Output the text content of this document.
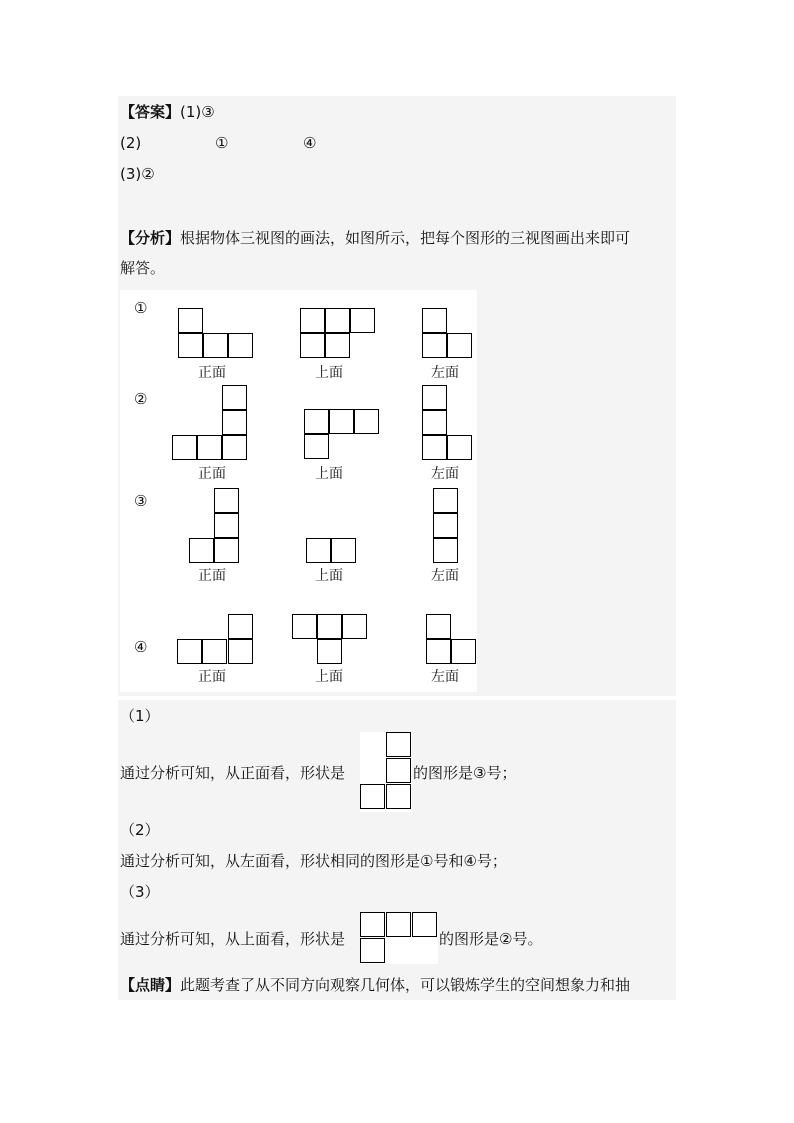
【答案】(1)③
(2)	①	④
(3)②
【分析】根据物体三视图的画法，如图所示，把每个图形的三视图画出来即可
解答。
①
正面	上面	左面
②
正面	上面	左面
③
正面	上面	左面
④
正面	上面	左面
（1）
通过分析可知，从正面看，形状是	的图形是③号；
（2）
通过分析可知，从左面看，形状相同的图形是①号和④号；
（3）
通过分析可知，从上面看，形状是	的图形是②号。
【点睛】此题考查了从不同方向观察几何体，可以锻炼学生的空间想象力和抽
